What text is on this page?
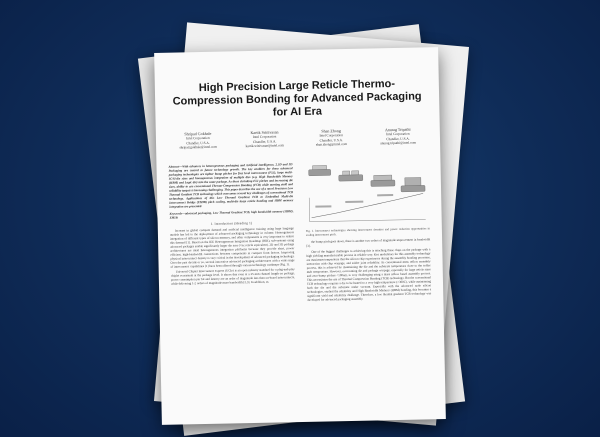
High Precision Large Reticle Thermo-Compression Bonding for Advanced Packaging for AI Era
Shripad Gokhale
Intel Corporation
Chandler, U.S.A.
shripad.gokhale@intel.com
Kartik Srinivasan
Intel Corporation
Chandler, U.S.A.
kartik.srinivasan@intel.com
Shan Zhong
Intel Corporation
Chandler, U.S.A.
shan.zhong@intel.com
Anurag Tripathi
Intel Corporation
Chandler, U.S.A.
anurag.tripathi@intel.com
Abstract—With advances in heterogeneous packaging and Artificial Intelligence, 2.5D and 3D Packaging are central to future technology growth. The key enablers for these advanced packaging technologies are tighter bump pitches for first level interconnect (FLI), large multi-IC/Si-die sizes and homogeneous integration of multiple dies (e.g. High Bandwidth Memory (HBM) and Logic die) into the same package. As these shrinking FLI pitches and increasing die sizes, ability to use conventional Thermo-Compression Bonding (TCB) while meeting yield and reliability targets is becoming challenging. This paper describes the use of a novel Precision Low Thermal Gradient TCB technology which overcomes several key challenges of conventional TCB technology. Applications of this Low Thermal Gradient TCB to Embedded Multi-die Interconnect Bridge (EMIB) pitch scaling, multi-die large reticle bonding and HBM memory integration are presented.
Keywords—advanced packaging, Low Thermal Gradient TCB, high bandwidth memory (HBM), EMIB
I. Introduction (Heading 1)
Increase in global compute demand and artificial intelligence training using large language models has led to the deployment of advanced packaging technology in volume. Heterogeneous integration of different types of silicon memory, and other components is very important to realize this demand [1]. Based on the IEE Heterogeneous Integration Roadmap (HIR), sub-systems using advanced packages enable significantly larger die area (>5x reticle equivalent). 2D and 3D package architectures are ideal heterogeneous integration platforms because they provide short, power efficient, high-bandwidth connections between components in compact form factors. Improving physical interconnect density is very critical in the development of advanced packaging technology. Over the past decade or so, several innovative advanced packaging architectures with a wide range of interconnect capabilities [1] have been offered through various technology roadmaps (Fig. 1).
Universal Chiplet Interconnect express (UCIe) is an open industry standard for a plug-and-play chiplet ecosystem at the package level. It shows that even at a 25 mm channel length on package, power consumption per bit and latency are an order of magnitude less than on-board interconnects, while delivering 1-2 orders of magnitude more bandwidth [2,3]. In addition, as
Fig. 1. Interconnect technologies showing interconnect densities and power reduction opportunities in scaling interconnect pitch.
the bump pitch goes down, there is another two orders of magnitude improvement in bandwidth [3].
One of the biggest challenges to achieving this is attaching these chips on the package with a high yielding manufacturable process in reliable way. Key modulators for this assembly technology are maximum temperature that the silicon chip experiences during the assembly bonding processes, interaction with chip warpage, and solder joint reliability. As conventional mass reflow assembly process, this is achieved by maintaining the die and the substrate temperature close to the solder melt temperature. However, overcoming die and package warpage, especially for large reticle sizes and zero-bump pitches <100um, is very challenging using a mass reflow based assembly process. This necessitates the use of Thermal Compression Bonding (TCB) technology. But the conventional TCB technology requires a die to be heated to a very high temperature (>300C), while maintaining both the die and the substrate under vacuum. Especially with the advanced node silicon technologies, studied the reliability and High Bandwidth Memory (HBM) bonding, this becomes a significant yield and reliability challenge. Therefore, a low thermal gradient TCB technology was developed for advanced packaging assembly.
